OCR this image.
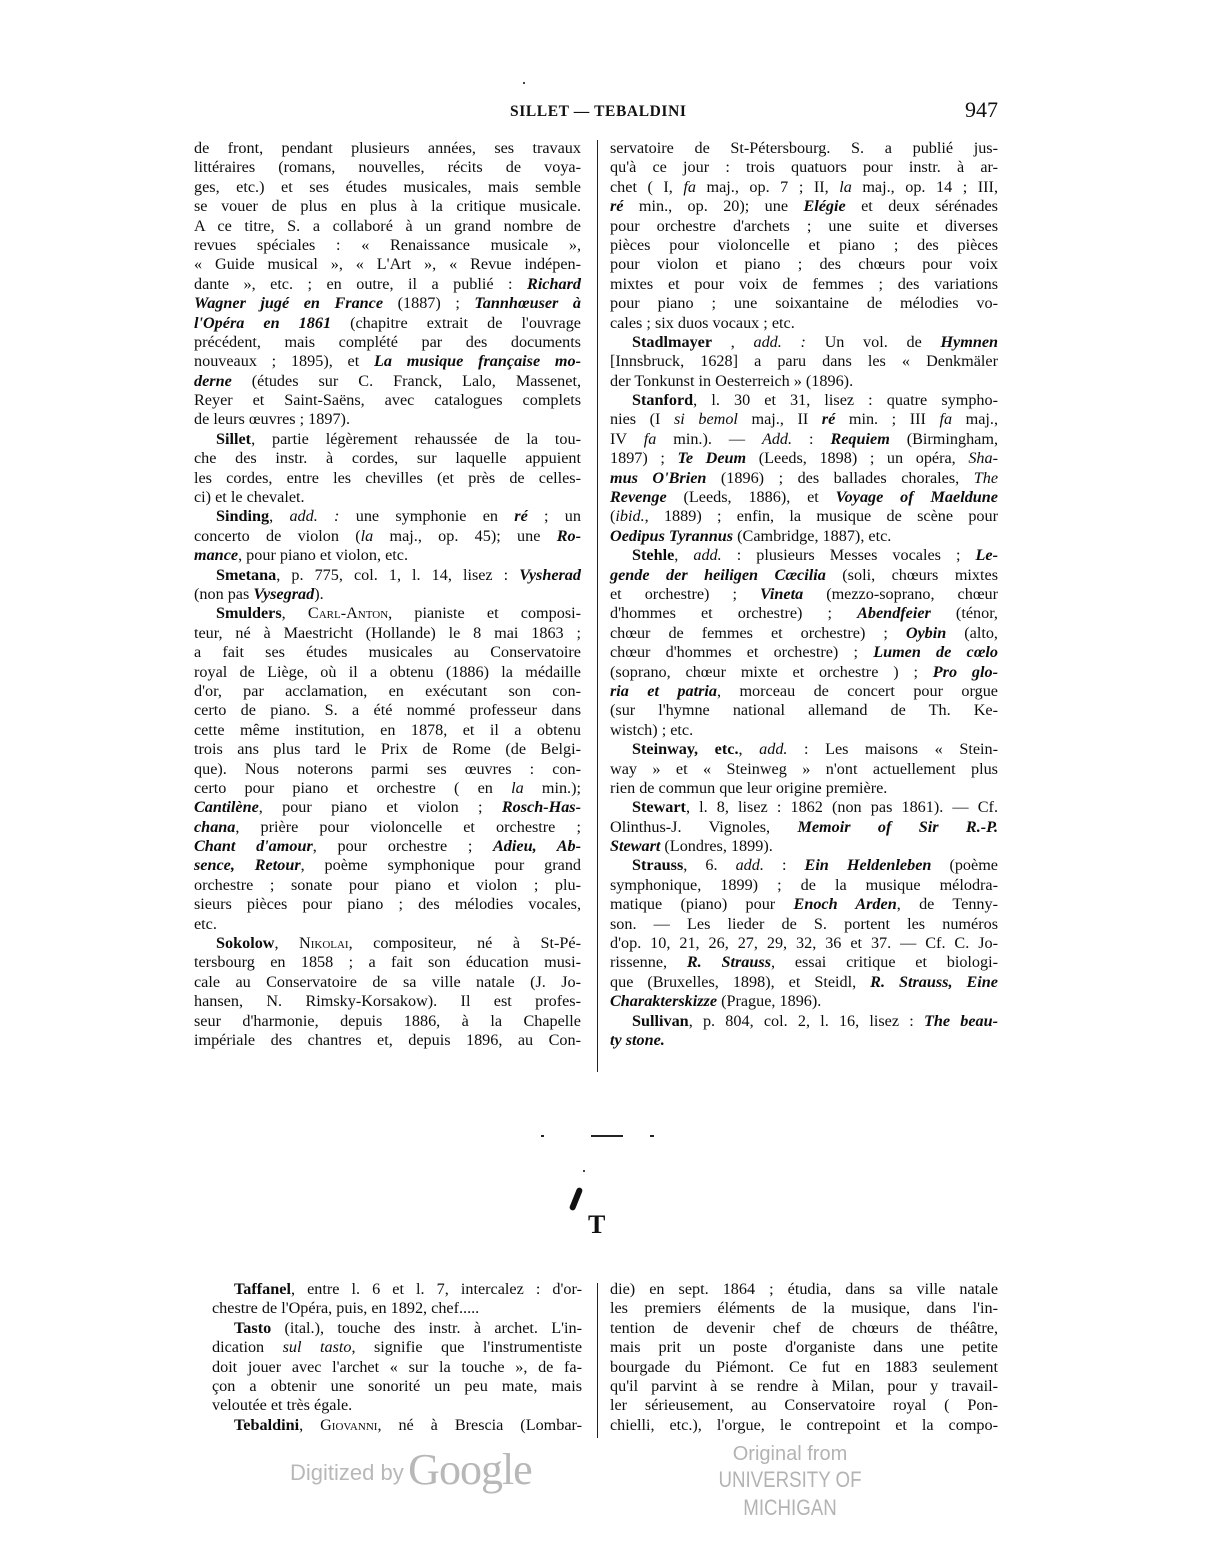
SILLET — TEBALDINI	947
de front, pendant plusieurs années, ses travaux
littéraires (romans, nouvelles, récits de voya-
ges, etc.) et ses études musicales, mais semble
se vouer de plus en plus à la critique musicale.
A ce titre, S. a collaboré à un grand nombre de
revues spéciales : « Renaissance musicale »,
« Guide musical », « L'Art », « Revue indépen-
dante », etc. ; en outre, il a publié : Richard
Wagner jugé en France (1887) ; Tannhœuser à
l'Opéra en 1861 (chapitre extrait de l'ouvrage
précédent, mais complété par des documents
nouveaux ; 1895), et La musique française mo-
derne (études sur C. Franck, Lalo, Massenet,
Reyer et Saint-Saëns, avec catalogues complets
de leurs œuvres ; 1897).
Sillet, partie légèrement rehaussée de la tou-
che des instr. à cordes, sur laquelle appuient
les cordes, entre les chevilles (et près de celles-
ci) et le chevalet.
Sinding, add. : une symphonie en ré ; un
concerto de violon (la maj., op. 45); une Ro-
mance, pour piano et violon, etc.
Smetana, p. 775, col. 1, l. 14, lisez : Vysherad
(non pas Vysegrad).
Smulders, Carl-Anton, pianiste et composi-
teur, né à Maestricht (Hollande) le 8 mai 1863 ;
a fait ses études musicales au Conservatoire
royal de Liège, où il a obtenu (1886) la médaille
d'or, par acclamation, en exécutant son con-
certo de piano. S. a été nommé professeur dans
cette même institution, en 1878, et il a obtenu
trois ans plus tard le Prix de Rome (de Belgi-
que). Nous noterons parmi ses œuvres : con-
certo pour piano et orchestre ( en la min.);
Cantilène, pour piano et violon ; Rosch-Has-
chana, prière pour violoncelle et orchestre ;
Chant d'amour, pour orchestre ; Adieu, Ab-
sence, Retour, poème symphonique pour grand
orchestre ; sonate pour piano et violon ; plu-
sieurs pièces pour piano ; des mélodies vocales,
etc.
Sokolow, Nikolai, compositeur, né à St-Pé-
tersbourg en 1858 ; a fait son éducation musi-
cale au Conservatoire de sa ville natale (J. Jo-
hansen, N. Rimsky-Korsakow). Il est profes-
seur d'harmonie, depuis 1886, à la Chapelle
impériale des chantres et, depuis 1896, au Con-
servatoire de St-Pétersbourg. S. a publié jus-
qu'à ce jour : trois quatuors pour instr. à ar-
chet ( I, fa maj., op. 7 ; II, la maj., op. 14 ; III,
ré min., op. 20); une Elégie et deux sérénades
pour orchestre d'archets ; une suite et diverses
pièces pour violoncelle et piano ; des pièces
pour violon et piano ; des chœurs pour voix
mixtes et pour voix de femmes ; des variations
pour piano ; une soixantaine de mélodies vo-
cales ; six duos vocaux ; etc.
Stadlmayer , add. : Un vol. de Hymnen
[Innsbruck, 1628] a paru dans les « Denkmäler
der Tonkunst in Oesterreich » (1896).
Stanford, l. 30 et 31, lisez : quatre sympho-
nies (I si bemol maj., II ré min. ; III fa maj.,
IV fa min.). — Add. : Requiem (Birmingham,
1897) ; Te Deum (Leeds, 1898) ; un opéra, Sha-
mus O'Brien (1896) ; des ballades chorales, The
Revenge (Leeds, 1886), et Voyage of Maeldune
(ibid., 1889) ; enfin, la musique de scène pour
Oedipus Tyrannus (Cambridge, 1887), etc.
Stehle, add. : plusieurs Messes vocales ; Le-
gende der heiligen Cæcilia (soli, chœurs mixtes
et orchestre) ; Vineta (mezzo-soprano, chœur
d'hommes et orchestre) ; Abendfeier (ténor,
chœur de femmes et orchestre) ; Oybin (alto,
chœur d'hommes et orchestre) ; Lumen de cœlo
(soprano, chœur mixte et orchestre ) ; Pro glo-
ria et patria, morceau de concert pour orgue
(sur l'hymne national allemand de Th. Ke-
wistch) ; etc.
Steinway, etc., add. : Les maisons « Stein-
way » et « Steinweg » n'ont actuellement plus
rien de commun que leur origine première.
Stewart, l. 8, lisez : 1862 (non pas 1861). — Cf.
Olinthus-J. Vignoles, Memoir of Sir R.-P.
Stewart (Londres, 1899).
Strauss, 6. add. : Ein Heldenleben (poème
symphonique, 1899) ; de la musique mélodra-
matique (piano) pour Enoch Arden, de Tenny-
son. — Les lieder de S. portent les numéros
d'op. 10, 21, 26, 27, 29, 32, 36 et 37. — Cf. C. Jo-
rissenne, R. Strauss, essai critique et biologi-
que (Bruxelles, 1898), et Steidl, R. Strauss, Eine
Charakterskizze (Prague, 1896).
Sullivan, p. 804, col. 2, l. 16, lisez : The beau-
ty stone.
T
Taffanel, entre l. 6 et l. 7, intercalez : d'or-
chestre de l'Opéra, puis, en 1892, chef.....
Tasto (ital.), touche des instr. à archet. L'in-
dication sul tasto, signifie que l'instrumentiste
doit jouer avec l'archet « sur la touche », de fa-
çon a obtenir une sonorité un peu mate, mais
veloutée et très égale.
Tebaldini, Giovanni, né à Brescia (Lombar-
die) en sept. 1864 ; étudia, dans sa ville natale
les premiers éléments de la musique, dans l'in-
tention de devenir chef de chœurs de théâtre,
mais prit un poste d'organiste dans une petite
bourgade du Piémont. Ce fut en 1883 seulement
qu'il parvint à se rendre à Milan, pour y travail-
ler sérieusement, au Conservatoire royal ( Pon-
chielli, etc.), l'orgue, le contrepoint et la compo-
Digitized by Google	Original from
UNIVERSITY OF MICHIGAN
